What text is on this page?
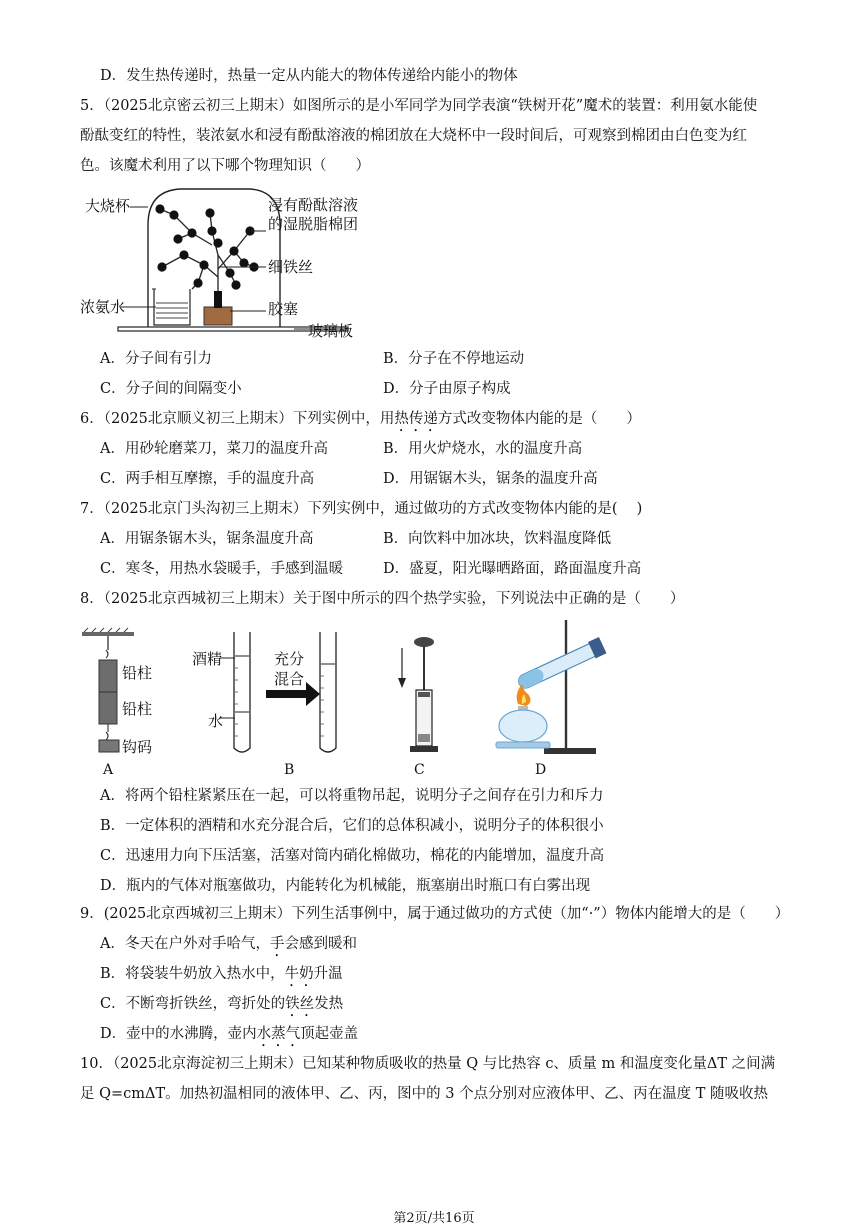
D．发生热传递时，热量一定从内能大的物体传递给内能小的物体
5．（2025北京密云初三上期末）如图所示的是小军同学为同学表演“铁树开花”魔术的装置：利用氨水能使
酚酞变红的特性，装浓氨水和浸有酚酞溶液的棉团放在大烧杯中一段时间后，可观察到棉团由白色变为红
色。该魔术利用了以下哪个物理知识（　　）
大烧杯	浸有酚酞溶液
的湿脱脂棉团
细铁丝
浓氨水	胶塞
玻璃板
A．分子间有引力	B．分子在不停地运动
C．分子间的间隔变小	D．分子由原子构成
6．（2025北京顺义初三上期末）下列实例中，用热传递方式改变物体内能的是（　　）
A．用砂轮磨菜刀，菜刀的温度升高	B．用火炉烧水，水的温度升高
C．两手相互摩擦，手的温度升高	D．用锯锯木头，锯条的温度升高
7．（2025北京门头沟初三上期末）下列实例中，通过做功的方式改变物体内能的是(　 )
A．用锯条锯木头，锯条温度升高	B．向饮料中加冰块，饮料温度降低
C．寒冬，用热水袋暖手，手感到温暖	D．盛夏，阳光曝晒路面，路面温度升高
8．（2025北京西城初三上期末）关于图中所示的四个热学实验，下列说法中正确的是（　　）
铅柱
铅柱
钩码
酒精
水
充分
混合
A	B	C	D
A．将两个铅柱紧紧压在一起，可以将重物吊起，说明分子之间存在引力和斥力
B．一定体积的酒精和水充分混合后，它们的总体积减小，说明分子的体积很小
C．迅速用力向下压活塞，活塞对筒内硝化棉做功，棉花的内能增加，温度升高
D．瓶内的气体对瓶塞做功，内能转化为机械能，瓶塞崩出时瓶口有白雾出现
9．(2025北京西城初三上期末）下列生活事例中，属于通过做功的方式使（加“·”）物体内能增大的是（　　）
A．冬天在户外对手哈气，手会感到暖和
B．将袋装牛奶放入热水中，牛奶升温
C．不断弯折铁丝，弯折处的铁丝发热
D．壶中的水沸腾，壶内水蒸气顶起壶盖
10．（2025北京海淀初三上期末）已知某种物质吸收的热量 Q 与比热容 c、质量 m 和温度变化量ΔT 之间满
足 Q=cmΔT。加热初温相同的液体甲、乙、丙，图中的 3 个点分别对应液体甲、乙、丙在温度 T 随吸收热
第2页/共16页
